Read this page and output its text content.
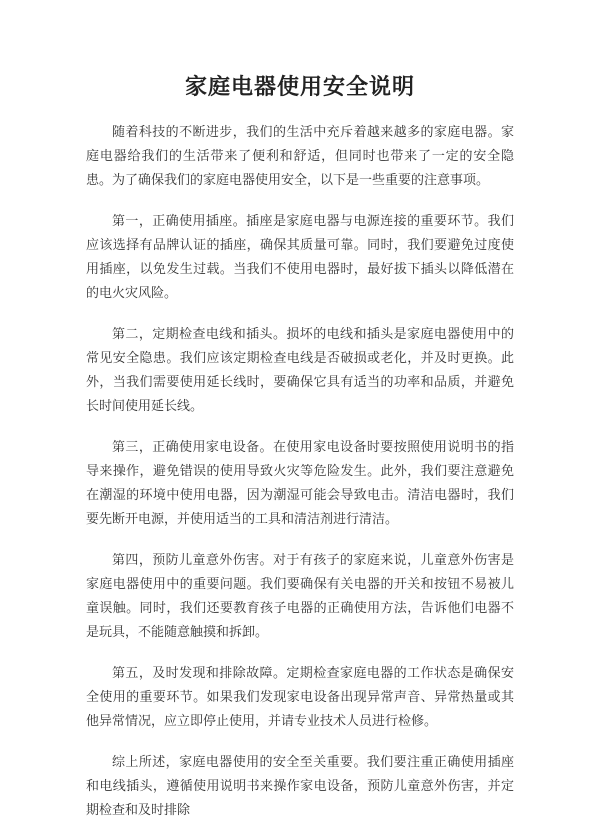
家庭电器使用安全说明

随着科技的不断进步，我们的生活中充斥着越来越多的家庭电器。家庭电器给我们的生活带来了便利和舒适，但同时也带来了一定的安全隐患。为了确保我们的家庭电器使用安全，以下是一些重要的注意事项。

第一，正确使用插座。插座是家庭电器与电源连接的重要环节。我们应该选择有品牌认证的插座，确保其质量可靠。同时，我们要避免过度使用插座，以免发生过载。当我们不使用电器时，最好拔下插头以降低潜在的电火灾风险。

第二，定期检查电线和插头。损坏的电线和插头是家庭电器使用中的常见安全隐患。我们应该定期检查电线是否破损或老化，并及时更换。此外，当我们需要使用延长线时，要确保它具有适当的功率和品质，并避免长时间使用延长线。

第三，正确使用家电设备。在使用家电设备时要按照使用说明书的指导来操作，避免错误的使用导致火灾等危险发生。此外，我们要注意避免在潮湿的环境中使用电器，因为潮湿可能会导致电击。清洁电器时，我们要先断开电源，并使用适当的工具和清洁剂进行清洁。

第四，预防儿童意外伤害。对于有孩子的家庭来说，儿童意外伤害是家庭电器使用中的重要问题。我们要确保有关电器的开关和按钮不易被儿童误触。同时，我们还要教育孩子电器的正确使用方法，告诉他们电器不是玩具，不能随意触摸和拆卸。

第五，及时发现和排除故障。定期检查家庭电器的工作状态是确保安全使用的重要环节。如果我们发现家电设备出现异常声音、异常热量或其他异常情况，应立即停止使用，并请专业技术人员进行检修。

综上所述，家庭电器使用的安全至关重要。我们要注重正确使用插座和电线插头，遵循使用说明书来操作家电设备，预防儿童意外伤害，并定期检查和及时排除
